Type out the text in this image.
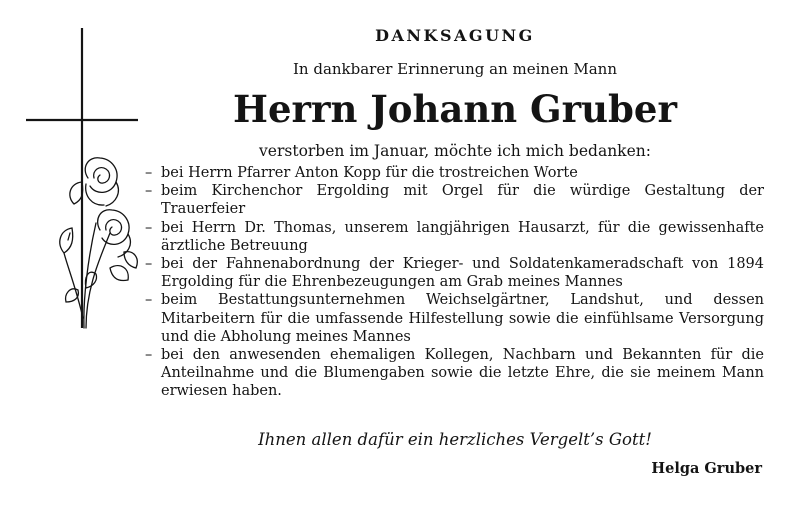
DANKSAGUNG
In dankbarer Erinnerung an meinen Mann
Herrn Johann Gruber
verstorben im Januar, möchte ich mich bedanken:
– bei Herrn Pfarrer Anton Kopp für die trostreichen Worte
– beim Kirchenchor Ergolding mit Orgel für die würdige Gestaltung der Trauerfeier
– bei Herrn Dr. Thomas, unserem langjährigen Hausarzt, für die gewissenhafte ärztliche Betreuung
– bei der Fahnenabordnung der Krieger- und Soldatenkameradschaft von 1894 Ergolding für die Ehrenbezeugungen am Grab meines Mannes
– beim Bestattungsunternehmen Weichselgärtner, Landshut, und dessen Mitarbeitern für die umfassende Hilfestellung sowie die einfühlsame Versorgung und die Abholung meines Mannes
– bei den anwesenden ehemaligen Kollegen, Nachbarn und Bekannten für die Anteilnahme und die Blumengaben sowie die letzte Ehre, die sie meinem Mann erwiesen haben.
Ihnen allen dafür ein herzliches Vergelt’s Gott!
Helga Gruber
